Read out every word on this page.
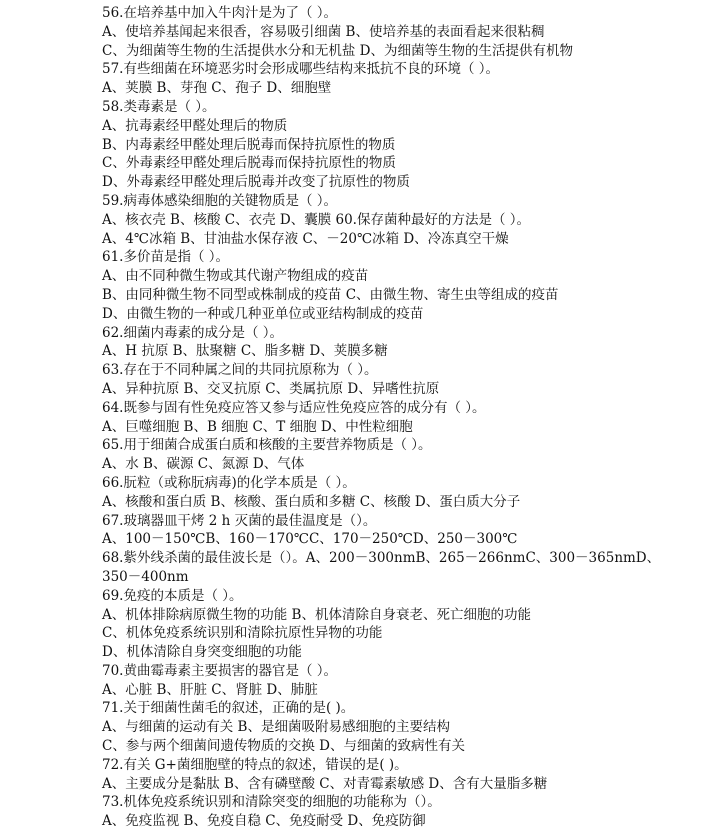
56.在培养基中加入牛肉汁是为了（ ）。
A、使培养基闻起来很香，容易吸引细菌 B、使培养基的表面看起来很粘稠
C、为细菌等生物的生活提供水分和无机盐 D、为细菌等生物的生活提供有机物
57.有些细菌在环境恶劣时会形成哪些结构来抵抗不良的环境（ ）。
A、荚膜 B、芽孢 C、孢子 D、细胞壁
58.类毒素是（ ）。
A、抗毒素经甲醛处理后的物质
B、内毒素经甲醛处理后脱毒而保持抗原性的物质
C、外毒素经甲醛处理后脱毒而保持抗原性的物质
D、外毒素经甲醛处理后脱毒并改变了抗原性的物质
59.病毒体感染细胞的关键物质是（ ）。
A、核衣壳 B、核酸 C、衣壳 D、囊膜 60.保存菌种最好的方法是（ ）。
A、4℃冰箱 B、甘油盐水保存液 C、－20℃冰箱 D、冷冻真空干燥
61.多价苗是指（ ）。
A、由不同种微生物或其代谢产物组成的疫苗
B、由同种微生物不同型或株制成的疫苗 C、由微生物、寄生虫等组成的疫苗
D、由微生物的一种或几种亚单位或亚结构制成的疫苗
62.细菌内毒素的成分是（ ）。
A、H 抗原 B、肽聚糖 C、脂多糖 D、荚膜多糖
63.存在于不同种属之间的共同抗原称为（ ）。
A、异种抗原 B、交叉抗原 C、类属抗原 D、异嗜性抗原
64.既参与固有性免疫应答又参与适应性免疫应答的成分有（ ）。
A、巨噬细胞 B、B 细胞 C、T 细胞 D、中性粒细胞
65.用于细菌合成蛋白质和核酸的主要营养物质是（ ）。
A、水 B、碳源 C、氮源 D、气体
66.朊粒（或称朊病毒)的化学本质是（ ）。
A、核酸和蛋白质 B、核酸、蛋白质和多糖 C、核酸 D、蛋白质大分子
67.玻璃器皿干烤 2 h 灭菌的最佳温度是（）。
A、100－150℃B、160－170℃C、170－250℃D、250－300℃
68.紫外线杀菌的最佳波长是（）。A、200－300nmB、265－266nmC、300－365nmD、
350－400nm
69.免疫的本质是（ ）。
A、机体排除病原微生物的功能 B、机体清除自身衰老、死亡细胞的功能
C、机体免疫系统识别和清除抗原性异物的功能
D、机体清除自身突变细胞的功能
70.黄曲霉毒素主要损害的器官是（ ）。
A、心脏 B、肝脏 C、肾脏 D、肺脏
71.关于细菌性菌毛的叙述，正确的是( )。
A、与细菌的运动有关 B、是细菌吸附易感细胞的主要结构
C、参与两个细菌间遗传物质的交换 D、与细菌的致病性有关
72.有关 G+菌细胞壁的特点的叙述，错误的是( )。
A、主要成分是黏肽 B、含有磷壁酸 C、对青霉素敏感 D、含有大量脂多糖
73.机体免疫系统识别和清除突变的细胞的功能称为（）。
A、免疫监视 B、免疫自稳 C、免疫耐受 D、免疫防御
